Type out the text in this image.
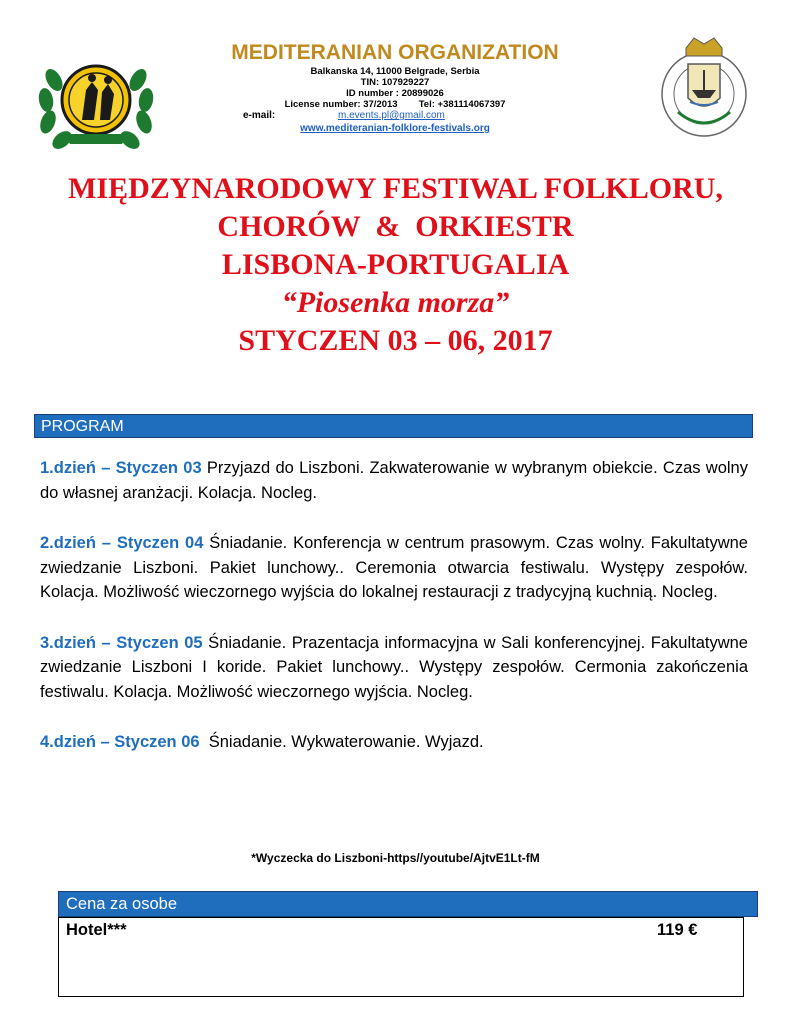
MEDITERANIAN ORGANIZATION
Balkanska 14, 11000 Belgrade, Serbia
TIN: 107929227
ID number : 20899026
License number: 37/2013        Tel: +381114067397
e-mail:	m.events.pl@gmail.com
www.mediteranian-folklore-festivals.org
MIĘDZYNARODOWY FESTIWAL FOLKLORU,
CHORÓW  &  ORKIESTR
LISBONA-PORTUGALIA
“Piosenka morza”
STYCZEN 03 – 06, 2017
PROGRAM

1.dzień – Styczen 03 Przyjazd do Liszboni. Zakwaterowanie w wybranym obiekcie. Czas wolny do własnej aranżacji. Kolacja. Nocleg.

2.dzień – Styczen 04 Śniadanie. Konferencja w centrum prasowym. Czas wolny. Fakultatywne zwiedzanie Liszboni. Pakiet lunchowy.. Ceremonia otwarcia festiwalu. Występy zespołów. Kolacja. Możliwość wieczornego wyjścia do lokalnej restauracji z tradycyjną kuchnią. Nocleg.

3.dzień – Styczen 05 Śniadanie. Prazentacja informacyjna w Sali konferencyjnej. Fakultatywne zwiedzanie Liszboni I koride. Pakiet lunchowy.. Występy zespołów. Cermonia zakończenia festiwalu. Kolacja. Możliwość wieczornego wyjścia. Nocleg.

4.dzień – Styczen 06  Śniadanie. Wykwaterowanie. Wyjazd.

*Wyczecka do Liszboni-https//youtube/AjtvE1Lt-fM
Cena za osobe
Hotel***	119 €
